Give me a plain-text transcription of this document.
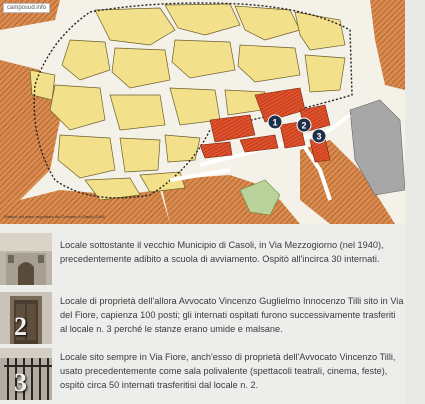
1	2
3
camposud.info
Stralcio del piano regolatore del Comune di Casoli (1940)
Locale sottostante il vecchio Municipio di Casoli, in Via Mezzogiorno (nel 1940), precedentemente adibito a scuola di avviamento. Ospitò all'incirca 30 internati.
2
Locale di proprietà dell'allora Avvocato Vincenzo Guglielmo Innocenzo Tilli sito in Via del Fiore, capienza 100 posti; gli internati ospitati furono successivamente trasferiti al locale n. 3 perché le stanze erano umide e malsane.
3
Locale sito sempre in Via Fiore, anch'esso di proprietà dell'Avvocato Vincenzo Tilli, usato precedentemente come sala polivalente (spettacoli teatrali, cinema, feste), ospitò circa 50 internati trasferitisi dal locale n. 2.
